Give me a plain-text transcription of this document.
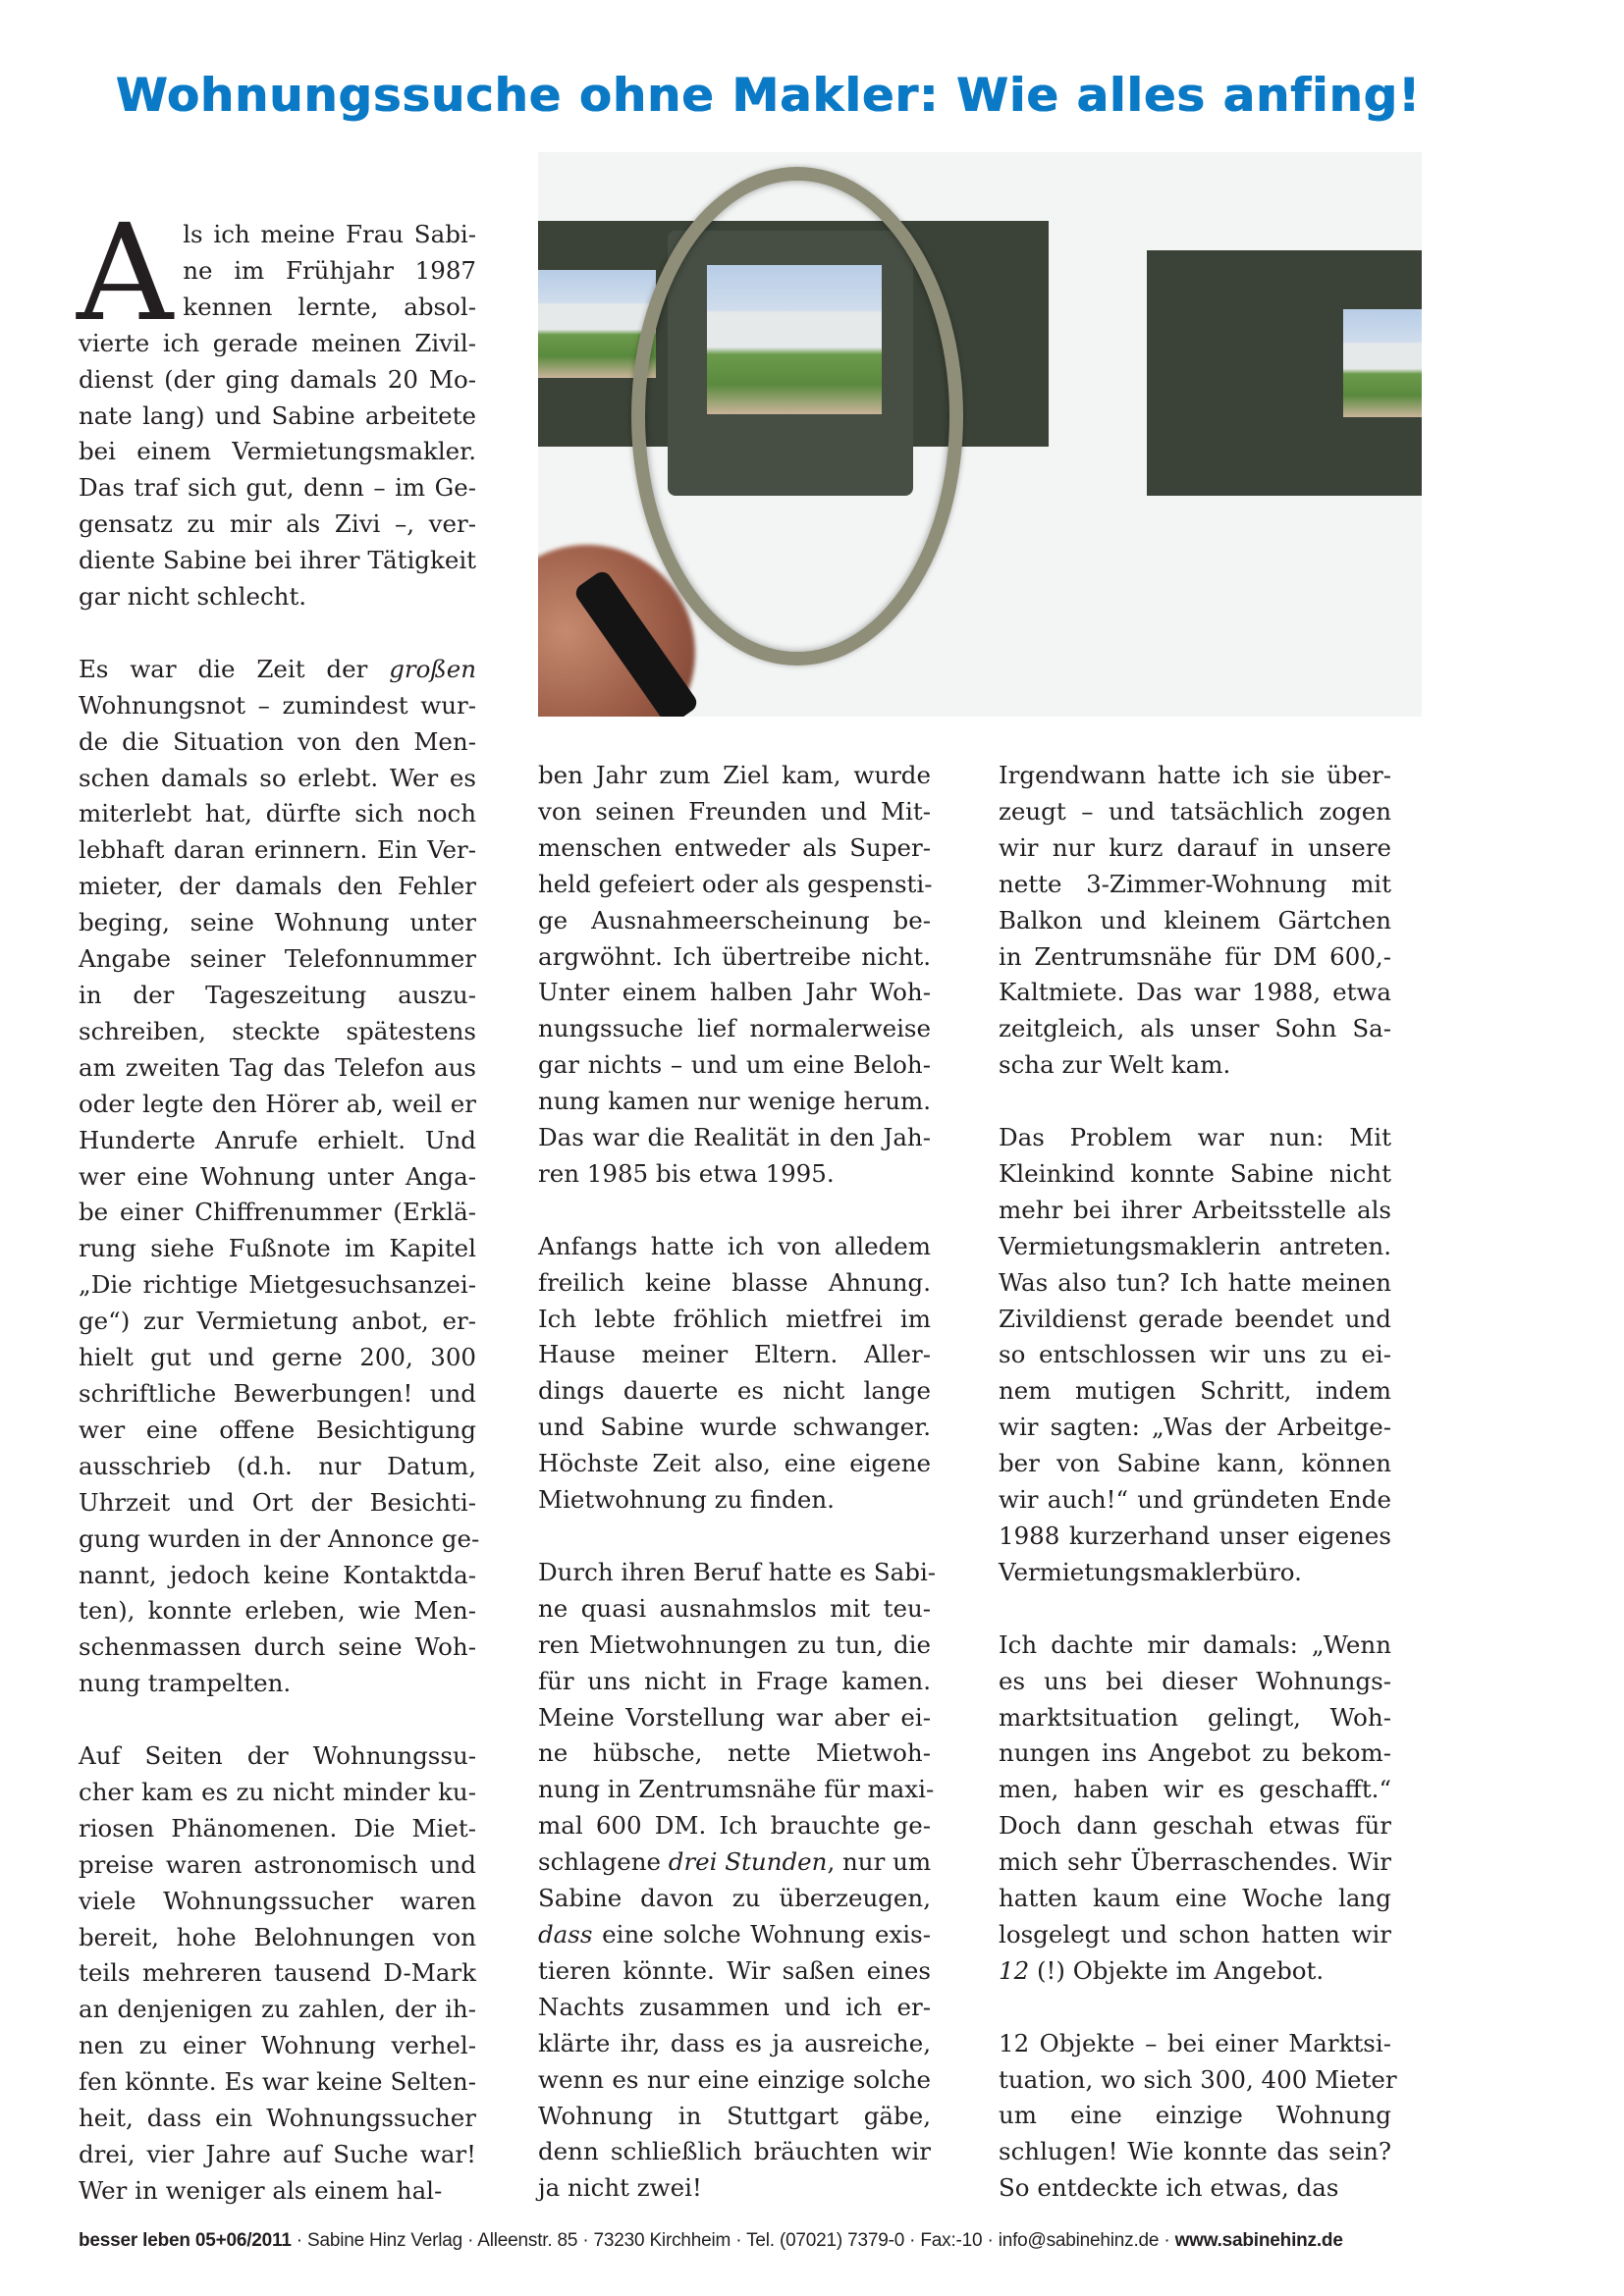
Wohnungssuche ohne Makler: Wie alles anfing!

A ls ich meine Frau Sabi-
ne im Frühjahr 1987
kennen lernte, absol-
vierte ich gerade meinen Zivil-
dienst (der ging damals 20 Mo-
nate lang) und Sabine arbeitete
bei einem Vermietungsmakler.
Das traf sich gut, denn – im Ge-
gensatz zu mir als Zivi –, ver-
diente Sabine bei ihrer Tätigkeit
gar nicht schlecht.

Es war die Zeit der großen
Wohnungsnot – zumindest wur-
de die Situation von den Men-
schen damals so erlebt. Wer es
miterlebt hat, dürfte sich noch
lebhaft daran erinnern. Ein Ver-
mieter, der damals den Fehler
beging, seine Wohnung unter
Angabe seiner Telefonnummer
in der Tageszeitung auszu-
schreiben, steckte spätestens
am zweiten Tag das Telefon aus
oder legte den Hörer ab, weil er
Hunderte Anrufe erhielt. Und
wer eine Wohnung unter Anga-
be einer Chiffrenummer (Erklä-
rung siehe Fußnote im Kapitel
„Die richtige Mietgesuchsanzei-
ge“) zur Vermietung anbot, er-
hielt gut und gerne 200, 300
schriftliche Bewerbungen! und
wer eine offene Besichtigung
ausschrieb (d.h. nur Datum,
Uhrzeit und Ort der Besichti-
gung wurden in der Annonce ge-
nannt, jedoch keine Kontaktda-
ten), konnte erleben, wie Men-
schenmassen durch seine Woh-
nung trampelten.

Auf Seiten der Wohnungssu-
cher kam es zu nicht minder ku-
riosen Phänomenen. Die Miet-
preise waren astronomisch und
viele Wohnungssucher waren
bereit, hohe Belohnungen von
teils mehreren tausend D-Mark
an denjenigen zu zahlen, der ih-
nen zu einer Wohnung verhel-
fen könnte. Es war keine Selten-
heit, dass ein Wohnungssucher
drei, vier Jahre auf Suche war!
Wer in weniger als einem hal-

ben Jahr zum Ziel kam, wurde
von seinen Freunden und Mit-
menschen entweder als Super-
held gefeiert oder als gespensti-
ge Ausnahmeerscheinung be-
argwöhnt. Ich übertreibe nicht.
Unter einem halben Jahr Woh-
nungssuche lief normalerweise
gar nichts – und um eine Beloh-
nung kamen nur wenige herum.
Das war die Realität in den Jah-
ren 1985 bis etwa 1995.

Anfangs hatte ich von alledem
freilich keine blasse Ahnung.
Ich lebte fröhlich mietfrei im
Hause meiner Eltern. Aller-
dings dauerte es nicht lange
und Sabine wurde schwanger.
Höchste Zeit also, eine eigene
Mietwohnung zu finden.

Durch ihren Beruf hatte es Sabi-
ne quasi ausnahmslos mit teu-
ren Mietwohnungen zu tun, die
für uns nicht in Frage kamen.
Meine Vorstellung war aber ei-
ne hübsche, nette Mietwoh-
nung in Zentrumsnähe für maxi-
mal 600 DM. Ich brauchte ge-
schlagene drei Stunden, nur um
Sabine davon zu überzeugen,
dass eine solche Wohnung exis-
tieren könnte. Wir saßen eines
Nachts zusammen und ich er-
klärte ihr, dass es ja ausreiche,
wenn es nur eine einzige solche
Wohnung in Stuttgart gäbe,
denn schließlich bräuchten wir
ja nicht zwei!

Irgendwann hatte ich sie über-
zeugt – und tatsächlich zogen
wir nur kurz darauf in unsere
nette 3-Zimmer-Wohnung mit
Balkon und kleinem Gärtchen
in Zentrumsnähe für DM 600,-
Kaltmiete. Das war 1988, etwa
zeitgleich, als unser Sohn Sa-
scha zur Welt kam.

Das Problem war nun: Mit
Kleinkind konnte Sabine nicht
mehr bei ihrer Arbeitsstelle als
Vermietungsmaklerin antreten.
Was also tun? Ich hatte meinen
Zivildienst gerade beendet und
so entschlossen wir uns zu ei-
nem mutigen Schritt, indem
wir sagten: „Was der Arbeitge-
ber von Sabine kann, können
wir auch!“ und gründeten Ende
1988 kurzerhand unser eigenes
Vermietungsmaklerbüro.

Ich dachte mir damals: „Wenn
es uns bei dieser Wohnungs-
marktsituation gelingt, Woh-
nungen ins Angebot zu bekom-
men, haben wir es geschafft.“
Doch dann geschah etwas für
mich sehr Überraschendes. Wir
hatten kaum eine Woche lang
losgelegt und schon hatten wir
12 (!) Objekte im Angebot.

12 Objekte – bei einer Marktsi-
tuation, wo sich 300, 400 Mieter
um eine einzige Wohnung
schlugen! Wie konnte das sein?
So entdeckte ich etwas, das

besser leben 05+06/2011 · Sabine Hinz Verlag · Alleenstr. 85 · 73230 Kirchheim · Tel. (07021) 7379-0 · Fax:-10 · info@sabinehinz.de · www.sabinehinz.de
